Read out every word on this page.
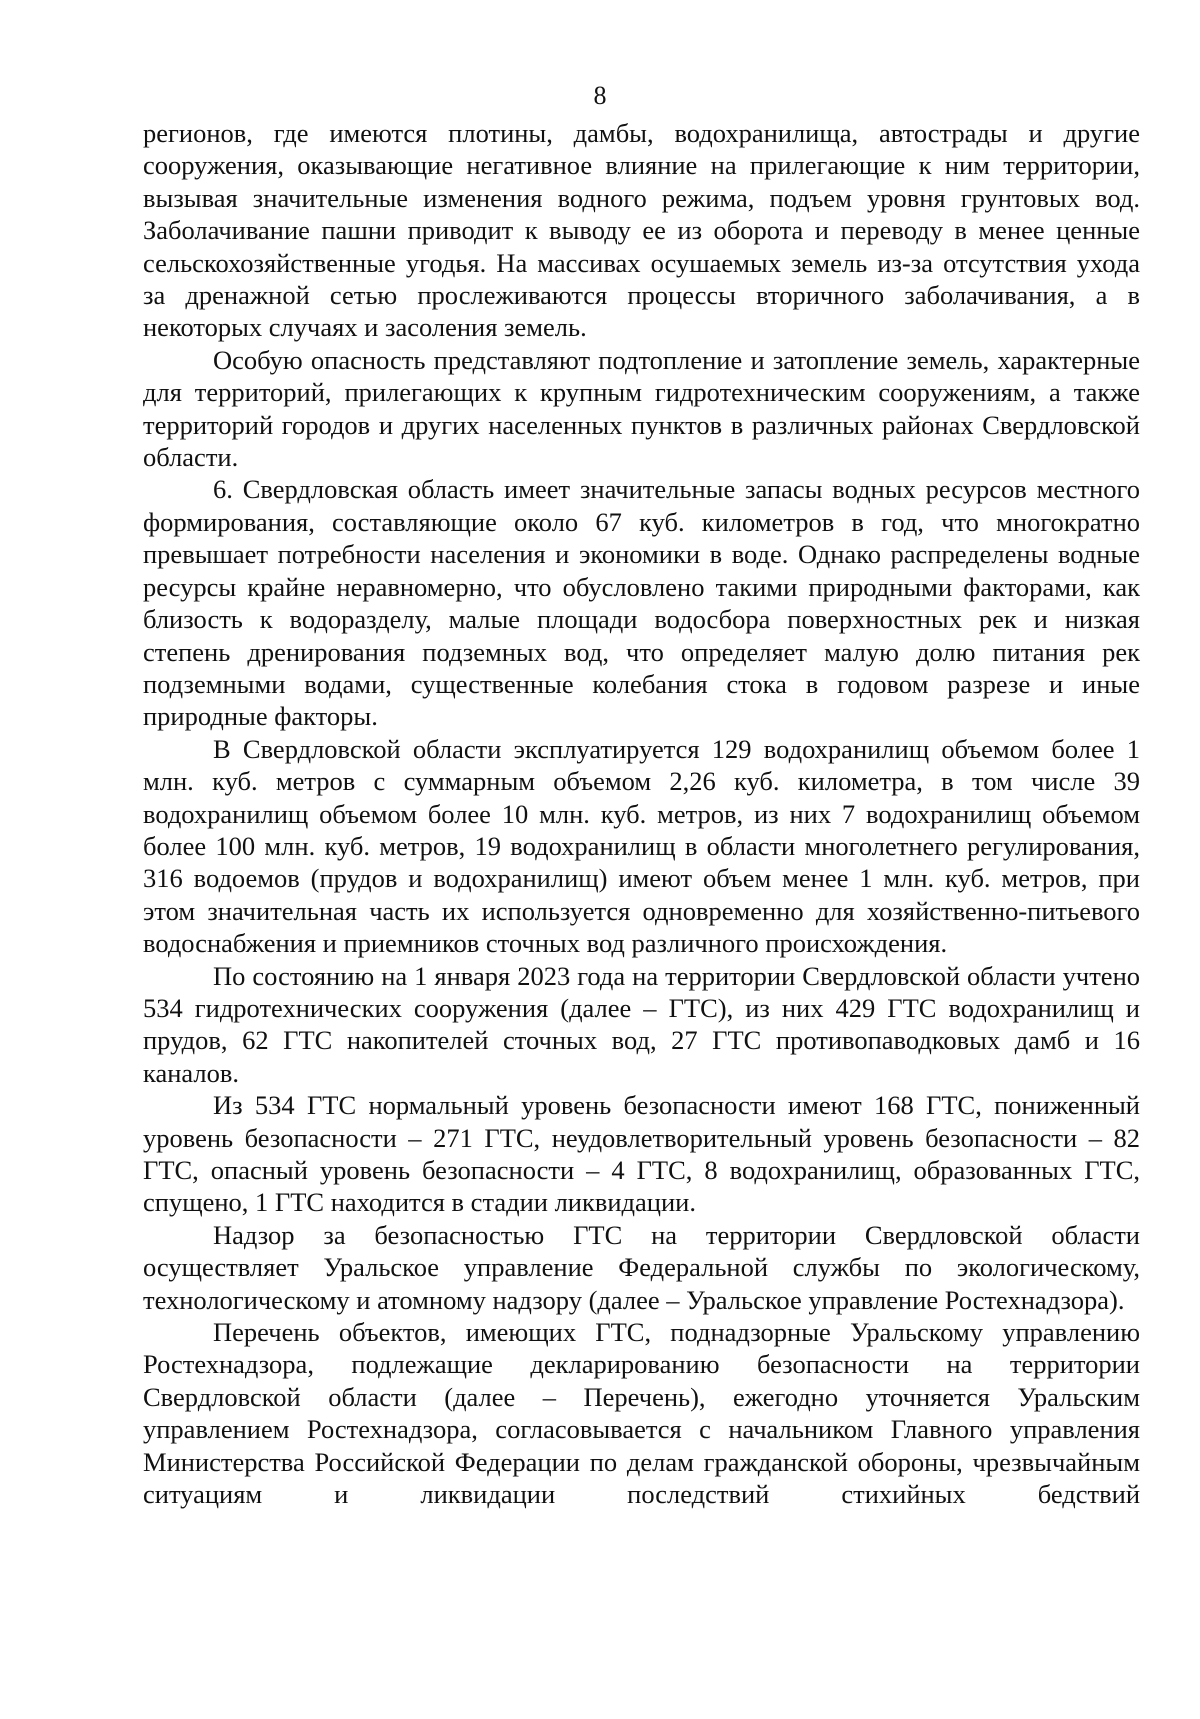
8

регионов, где имеются плотины, дамбы, водохранилища, автострады и другие сооружения, оказывающие негативное влияние на прилегающие к ним территории, вызывая значительные изменения водного режима, подъем уровня грунтовых вод. Заболачивание пашни приводит к выводу ее из оборота и переводу в менее ценные сельскохозяйственные угодья. На массивах осушаемых земель из-за отсутствия ухода за дренажной сетью прослеживаются процессы вторичного заболачивания, а в некоторых случаях и засоления земель.

Особую опасность представляют подтопление и затопление земель, характерные для территорий, прилегающих к крупным гидротехническим сооружениям, а также территорий городов и других населенных пунктов в различных районах Свердловской области.

6. Свердловская область имеет значительные запасы водных ресурсов местного формирования, составляющие около 67 куб. километров в год, что многократно превышает потребности населения и экономики в воде. Однако распределены водные ресурсы крайне неравномерно, что обусловлено такими природными факторами, как близость к водоразделу, малые площади водосбора поверхностных рек и низкая степень дренирования подземных вод, что определяет малую долю питания рек подземными водами, существенные колебания стока в годовом разрезе и иные природные факторы.

В Свердловской области эксплуатируется 129 водохранилищ объемом более 1 млн. куб. метров с суммарным объемом 2,26 куб. километра, в том числе 39 водохранилищ объемом более 10 млн. куб. метров, из них 7 водохранилищ объемом более 100 млн. куб. метров, 19 водохранилищ в области многолетнего регулирования, 316 водоемов (прудов и водохранилищ) имеют объем менее 1 млн. куб. метров, при этом значительная часть их используется одновременно для хозяйственно-питьевого водоснабжения и приемников сточных вод различного происхождения.

По состоянию на 1 января 2023 года на территории Свердловской области учтено 534 гидротехнических сооружения (далее – ГТС), из них 429 ГТС водохранилищ и прудов, 62 ГТС накопителей сточных вод, 27 ГТС противопаводковых дамб и 16 каналов.

Из 534 ГТС нормальный уровень безопасности имеют 168 ГТС, пониженный уровень безопасности – 271 ГТС, неудовлетворительный уровень безопасности – 82 ГТС, опасный уровень безопасности – 4 ГТС, 8 водохранилищ, образованных ГТС, спущено, 1 ГТС находится в стадии ликвидации.

Надзор за безопасностью ГТС на территории Свердловской области осуществляет Уральское управление Федеральной службы по экологическому, технологическому и атомному надзору (далее – Уральское управление Ростехнадзора).

Перечень объектов, имеющих ГТС, поднадзорные Уральскому управлению Ростехнадзора, подлежащие декларированию безопасности на территории Свердловской области (далее – Перечень), ежегодно уточняется Уральским управлением Ростехнадзора, согласовывается с начальником Главного управления Министерства Российской Федерации по делам гражданской обороны, чрезвычайным ситуациям и ликвидации последствий стихийных бедствий
